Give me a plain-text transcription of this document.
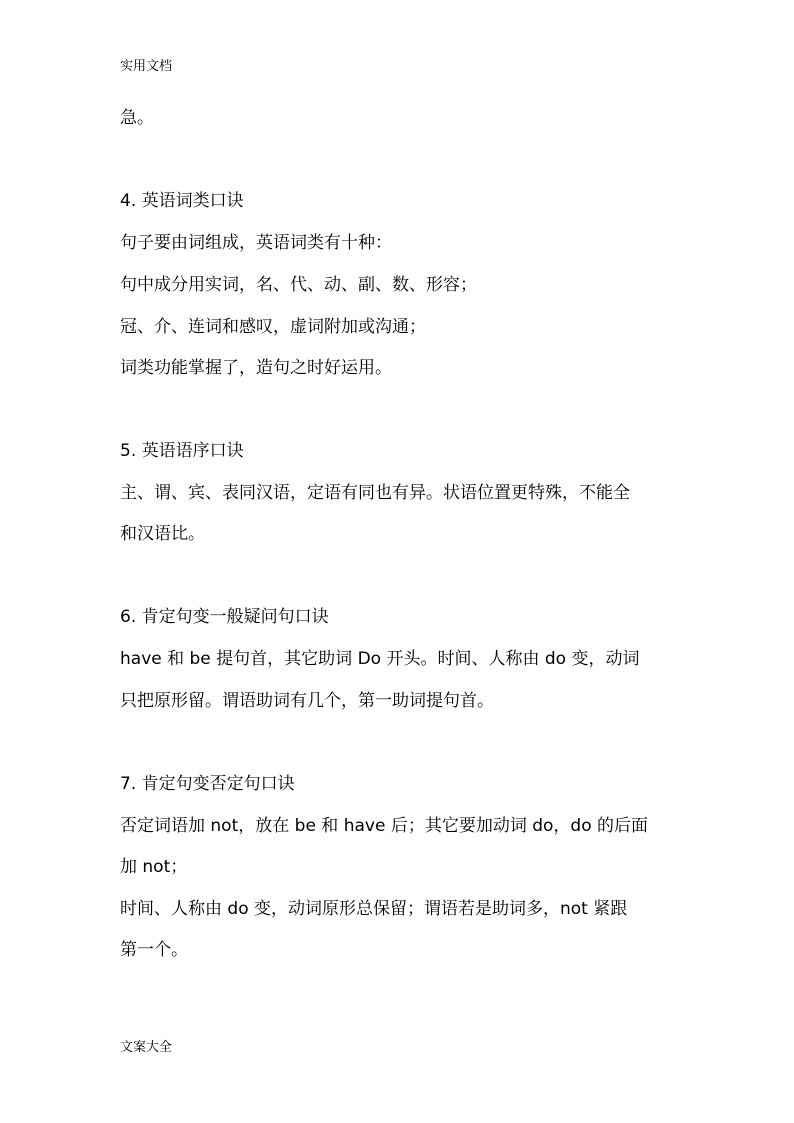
实用文档
急。
4. 英语词类口诀
句子要由词组成，英语词类有十种：
句中成分用实词，名、代、动、副、数、形容；
冠、介、连词和感叹，虚词附加或沟通；
词类功能掌握了，造句之时好运用。
5. 英语语序口诀
主、谓、宾、表同汉语，定语有同也有异。状语位置更特殊，不能全
和汉语比。
6. 肯定句变一般疑问句口诀
have 和 be 提句首，其它助词 Do 开头。时间、人称由 do 变，动词
只把原形留。谓语助词有几个，第一助词提句首。
7. 肯定句变否定句口诀
否定词语加 not，放在 be 和 have 后；其它要加动词 do，do 的后面
加 not；
时间、人称由 do 变，动词原形总保留；谓语若是助词多，not 紧跟
第一个。
文案大全
